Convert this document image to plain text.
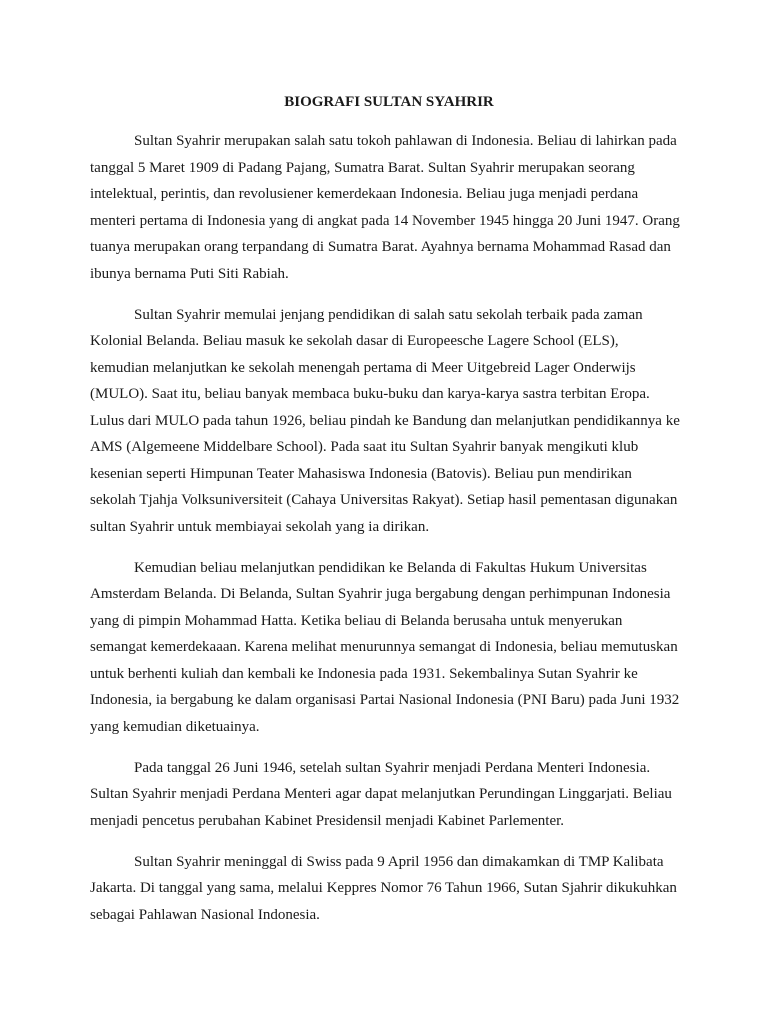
BIOGRAFI SULTAN SYAHRIR

Sultan Syahrir merupakan salah satu tokoh pahlawan di Indonesia. Beliau di lahirkan pada tanggal 5 Maret 1909 di Padang Pajang, Sumatra Barat. Sultan Syahrir merupakan seorang intelektual, perintis, dan revolusiener kemerdekaan Indonesia. Beliau juga menjadi perdana menteri pertama di Indonesia yang di angkat pada 14 November 1945 hingga 20 Juni 1947. Orang tuanya merupakan orang terpandang di Sumatra Barat. Ayahnya bernama Mohammad Rasad dan ibunya bernama Puti Siti Rabiah.

Sultan Syahrir memulai jenjang pendidikan di salah satu sekolah terbaik pada zaman Kolonial Belanda. Beliau masuk ke sekolah dasar di Europeesche Lagere School (ELS), kemudian melanjutkan ke sekolah menengah pertama di Meer Uitgebreid Lager Onderwijs (MULO). Saat itu, beliau banyak membaca buku-buku dan karya-karya sastra terbitan Eropa. Lulus dari MULO pada tahun 1926, beliau pindah ke Bandung dan melanjutkan pendidikannya ke AMS (Algemeene Middelbare School). Pada saat itu Sultan Syahrir banyak mengikuti klub kesenian seperti Himpunan Teater Mahasiswa Indonesia (Batovis). Beliau pun mendirikan sekolah Tjahja Volksuniversiteit (Cahaya Universitas Rakyat). Setiap hasil pementasan digunakan sultan Syahrir untuk membiayai sekolah yang ia dirikan.

Kemudian beliau melanjutkan pendidikan ke Belanda di Fakultas Hukum Universitas Amsterdam Belanda. Di Belanda, Sultan Syahrir juga bergabung dengan perhimpunan Indonesia yang di pimpin Mohammad Hatta. Ketika beliau di Belanda berusaha untuk menyerukan semangat kemerdekaaan. Karena melihat menurunnya semangat di Indonesia, beliau memutuskan untuk berhenti kuliah dan kembali ke Indonesia pada 1931. Sekembalinya Sutan Syahrir ke Indonesia, ia bergabung ke dalam organisasi Partai Nasional Indonesia (PNI Baru) pada Juni 1932 yang kemudian diketuainya.

Pada tanggal 26 Juni 1946, setelah sultan Syahrir menjadi Perdana Menteri Indonesia. Sultan Syahrir menjadi Perdana Menteri agar dapat melanjutkan Perundingan Linggarjati. Beliau menjadi pencetus perubahan Kabinet Presidensil menjadi Kabinet Parlementer.

Sultan Syahrir meninggal di Swiss pada 9 April 1956 dan dimakamkan di TMP Kalibata Jakarta. Di tanggal yang sama, melalui Keppres Nomor 76 Tahun 1966, Sutan Sjahrir dikukuhkan sebagai Pahlawan Nasional Indonesia.
